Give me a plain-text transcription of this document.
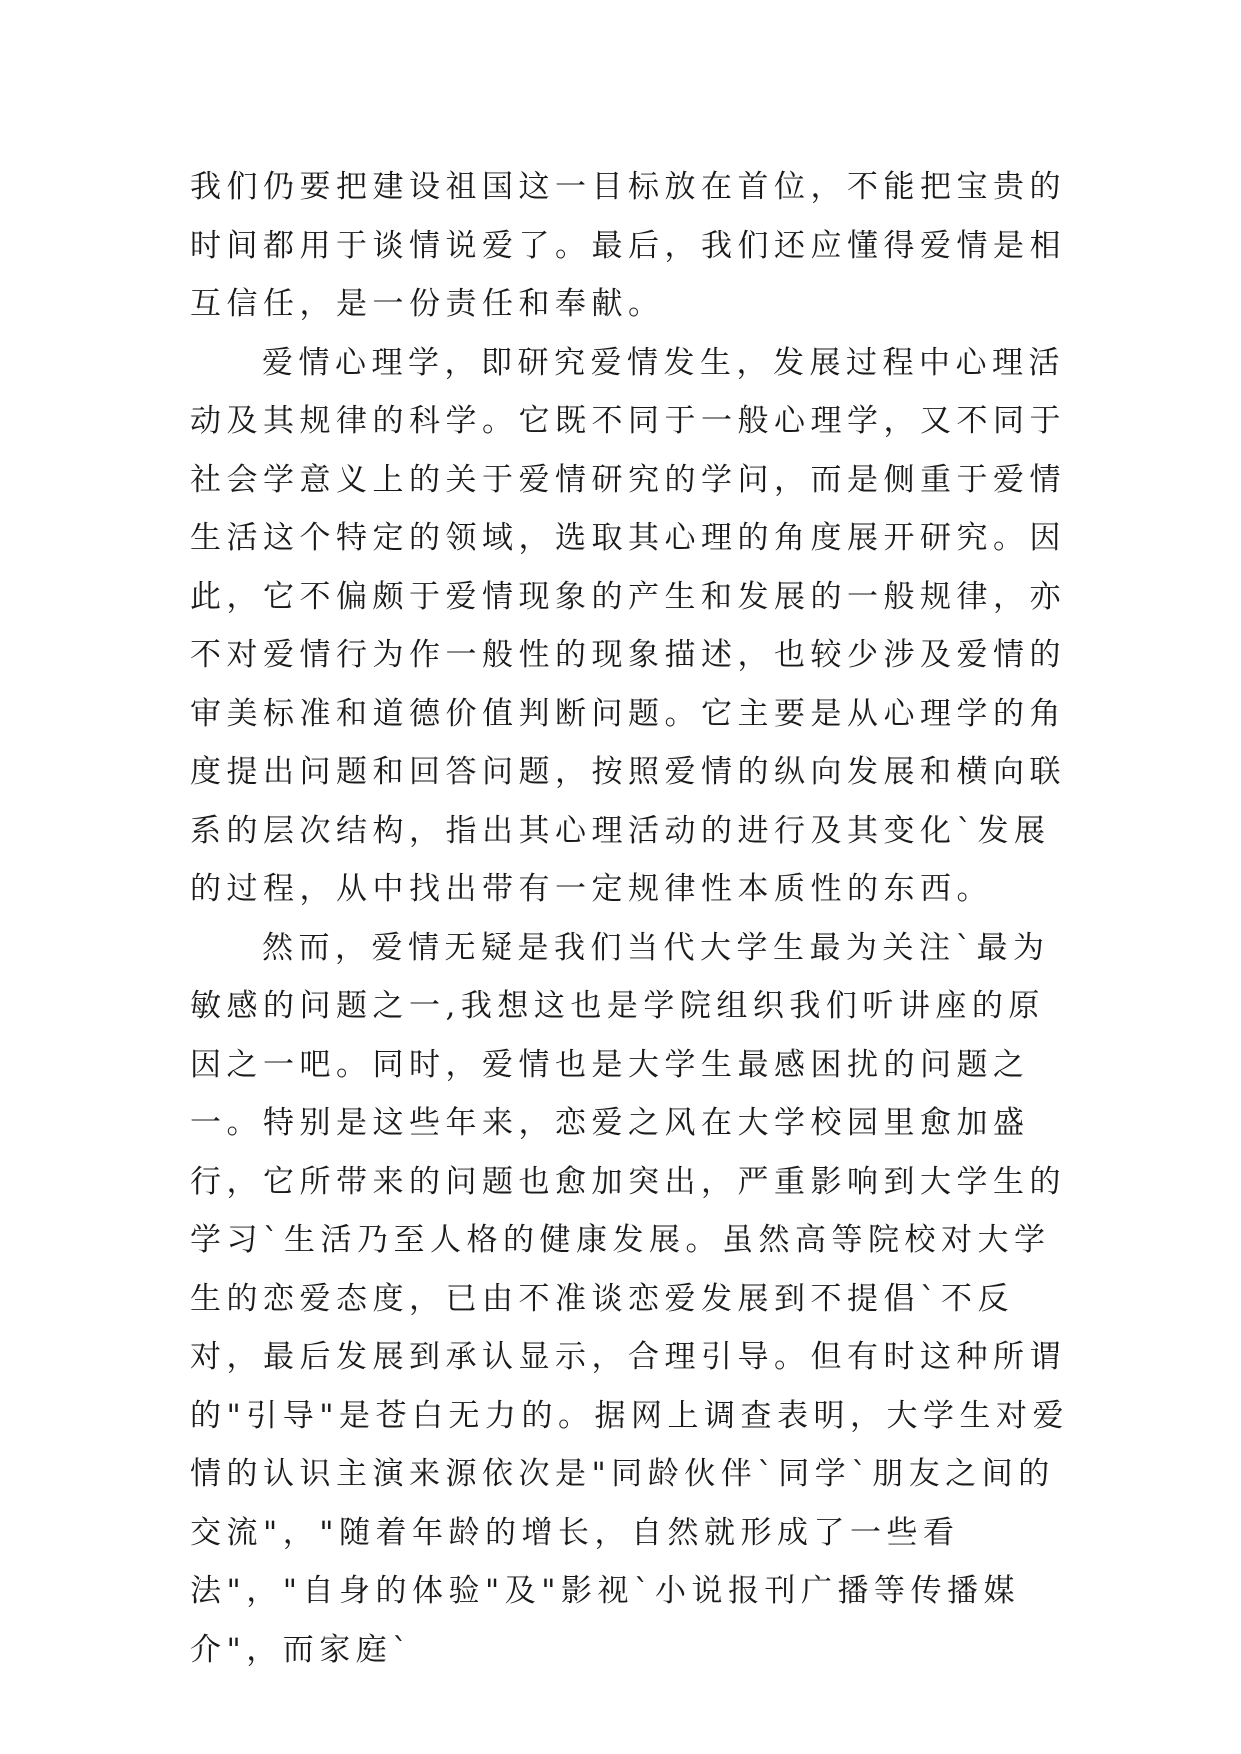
我们仍要把建设祖国这一目标放在首位，不能把宝贵的时间都用于谈情说爱了。最后，我们还应懂得爱情是相互信任，是一份责任和奉献。

爱情心理学，即研究爱情发生，发展过程中心理活动及其规律的科学。它既不同于一般心理学，又不同于社会学意义上的关于爱情研究的学问，而是侧重于爱情生活这个特定的领域，选取其心理的角度展开研究。因此，它不偏颇于爱情现象的产生和发展的一般规律，亦不对爱情行为作一般性的现象描述，也较少涉及爱情的审美标准和道德价值判断问题。它主要是从心理学的角度提出问题和回答问题，按照爱情的纵向发展和横向联系的层次结构，指出其心理活动的进行及其变化`发展的过程，从中找出带有一定规律性本质性的东西。

然而，爱情无疑是我们当代大学生最为关注`最为敏感的问题之一,我想这也是学院组织我们听讲座的原因之一吧。同时，爱情也是大学生最感困扰的问题之一。特别是这些年来，恋爱之风在大学校园里愈加盛行，它所带来的问题也愈加突出，严重影响到大学生的学习`生活乃至人格的健康发展。虽然高等院校对大学生的恋爱态度，已由不准谈恋爱发展到不提倡`不反对，最后发展到承认显示，合理引导。但有时这种所谓的"引导"是苍白无力的。据网上调查表明，大学生对爱情的认识主演来源依次是"同龄伙伴`同学`朋友之间的交流"，"随着年龄的增长，自然就形成了一些看法"，"自身的体验"及"影视`小说报刊广播等传播媒介"，而家庭`
